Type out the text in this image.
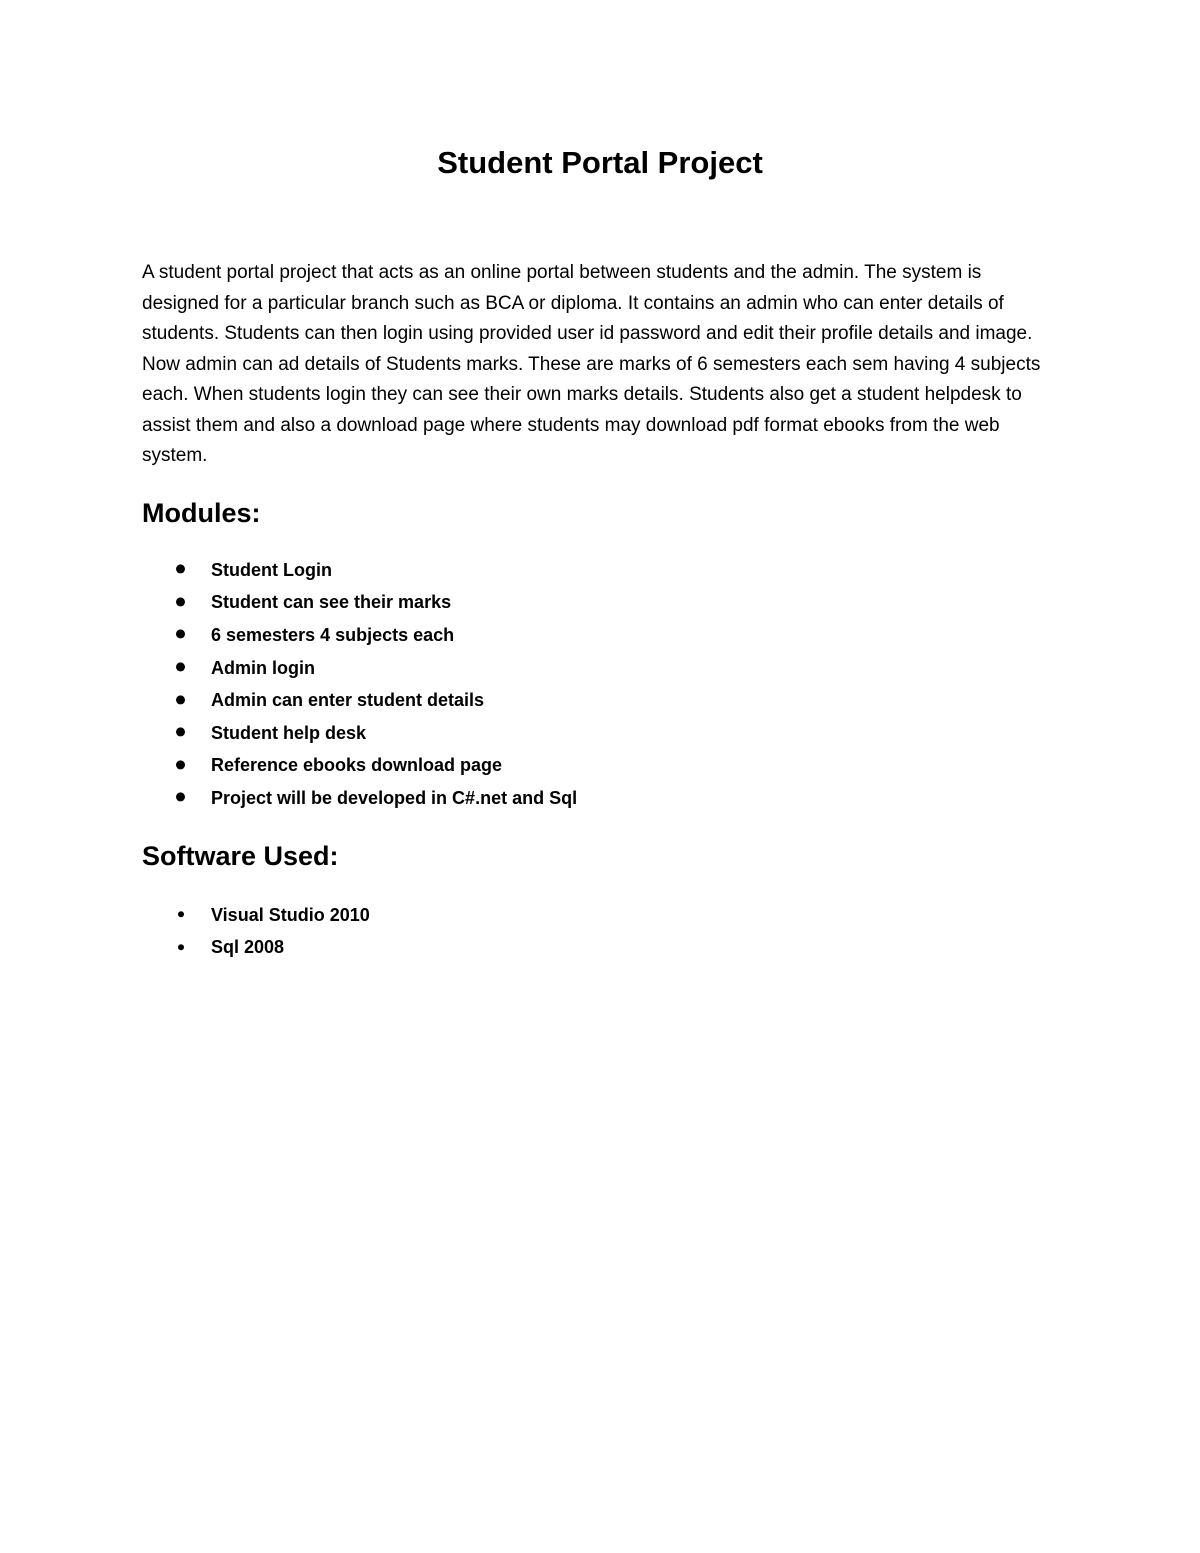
Student Portal Project

A student portal project that acts as an online portal between students and the admin. The system is designed for a particular branch such as BCA or diploma. It contains an admin who can enter details of students. Students can then login using provided user id password and edit their profile details and image. Now admin can ad details of Students marks. These are marks of 6 semesters each sem having 4 subjects each. When students login they can see their own marks details. Students also get a student helpdesk to assist them and also a download page where students may download pdf format ebooks from the web system.

Modules:
Student Login
Student can see their marks
6 semesters 4 subjects each
Admin login
Admin can enter student details
Student help desk
Reference ebooks download page
Project will be developed in C#.net and Sql
Software Used:
Visual Studio 2010
Sql 2008
